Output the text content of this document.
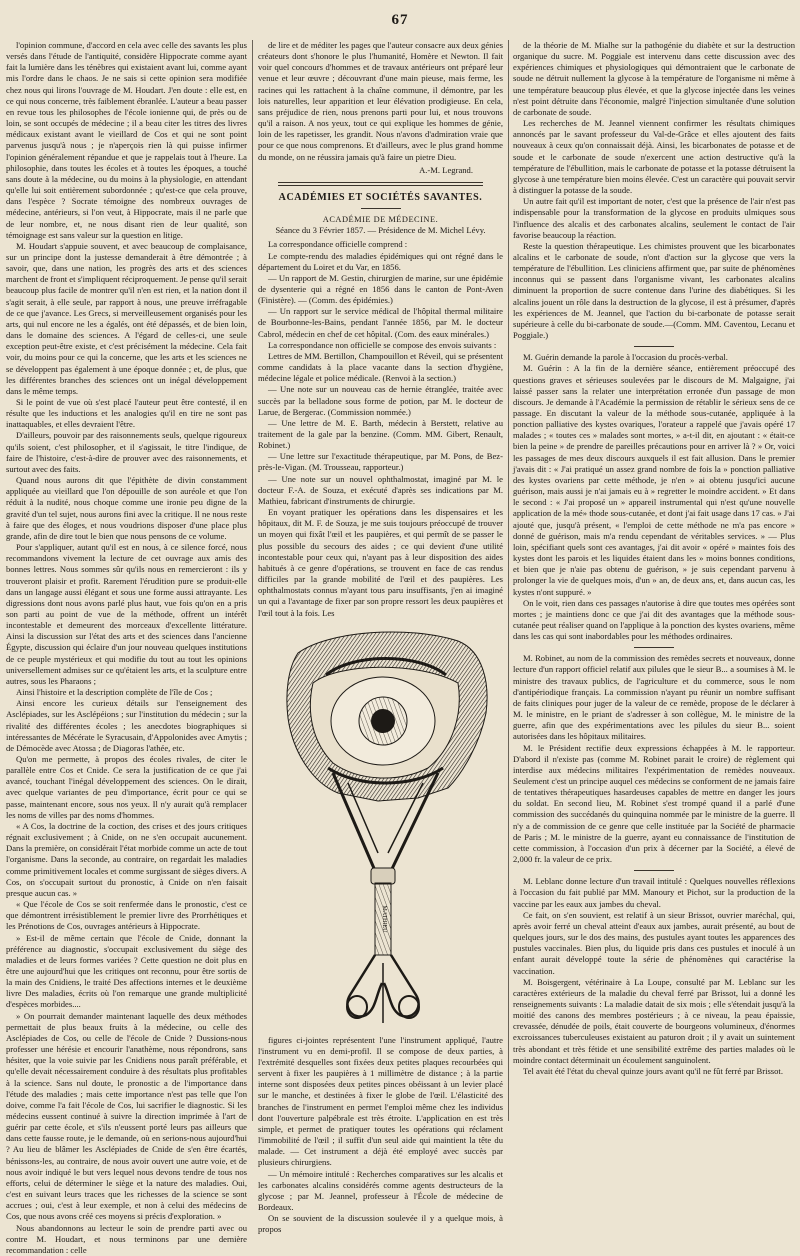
67

l'opinion commune, d'accord en cela avec celle des savants les plus versés dans l'étude de l'antiquité, considère Hippocrate comme ayant fait la lumière dans les ténèbres qui existaient avant lui, comme ayant mis l'ordre dans le chaos. Je ne sais si cette opinion sera modifiée chez nous qui lirons l'ouvrage de M. Houdart. J'en doute : elle est, en ce qui nous concerne, très faiblement ébranlée. L'auteur a beau passer en revue tous les philosophes de l'école ionienne qui, de près ou de loin, se sont occupés de médecine ; il a beau citer les titres des livres médicaux existant avant le vieillard de Cos et qui ne sont point parvenus jusqu'à nous ; je n'aperçois rien là qui puisse infirmer l'opinion généralement répandue et que je rappelais tout à l'heure. La philosophie, dans toutes les écoles et à toutes les époques, a touché sans doute à la médecine, ou du moins à la physiologie, en attendant qu'elle lui soit entièrement subordonnée ; qu'est-ce que cela prouve, dans l'espèce ? Socrate témoigne des nombreux ouvrages de médecine, antérieurs, si l'on veut, à Hippocrate, mais il ne parle que de leur nombre, et, ne nous disant rien de leur qualité, son témoignage est sans valeur sur la question en litige.

M. Houdart s'appuie souvent, et avec beaucoup de complaisance, sur un principe dont la justesse demanderait à être démontrée ; à savoir, que, dans une nation, les progrès des arts et des sciences marchent de front et s'impliquent réciproquement. Je pense qu'il serait beaucoup plus facile de montrer qu'il n'en est rien, et la nation dont il s'agit serait, à elle seule, par rapport à nous, une preuve irréfragable de ce que j'avance. Les Grecs, si merveilleusement organisés pour les arts, qui nul encore ne les a égalés, ont été dépassés, et de bien loin, dans le domaine des sciences. A l'égard de celles-ci, une seule exception peut-être existe, et c'est précisément la médecine. Cela fait voir, du moins pour ce qui la concerne, que les arts et les sciences ne se développent pas également à une époque donnée ; et, de plus, que les différentes branches des sciences ont un inégal développement dans le même temps.

Si le point de vue où s'est placé l'auteur peut être contesté, il en résulte que les inductions et les analogies qu'il en tire ne sont pas inattaquables, et elles devraient l'être.

D'ailleurs, pouvoir par des raisonnements seuls, quelque rigoureux qu'ils soient, c'est philosopher, et il s'agissait, le titre l'indique, de faire de l'histoire, c'est-à-dire de prouver avec des raisonnements, et surtout avec des faits.

Quand nous aurons dit que l'épithète de divin constamment appliquée au vieillard que l'on dépouille de son auréole et que l'on réduit à la nudité, nous choque comme une ironie peu digne de la gravité d'un tel sujet, nous aurons fini avec la critique. Il ne nous reste à faire que des éloges, et nous voudrions disposer d'une place plus grande, afin de dire tout le bien que nous pensons de ce volume.

Pour s'appliquer, autant qu'il est en nous, à ce silence forcé, nous recommandons vivement la lecture de cet ouvrage aux amis des bonnes lettres. Nous sommes sûr qu'ils nous en remercieront : ils y trouveront plaisir et profit. Rarement l'érudition pure se produit-elle dans un langage aussi élégant et sous une forme aussi attrayante. Les digressions dont nous avons parlé plus haut, vue fois qu'on en a pris son parti au point de vue de la méthode, offrent un intérêt incontestable et demeurent des morceaux d'excellente littérature. Ainsi la discussion sur l'état des arts et des sciences dans l'ancienne Égypte, discussion qui éclaire d'un jour nouveau quelques institutions de ce peuple mystérieux et qui modifie du tout au tout les opinions universellement admises sur ce qu'étaient les arts, et la sculpture entre autres, sous les Pharaons ;

Ainsi l'histoire et la description complète de l'île de Cos ;

Ainsi encore les curieux détails sur l'enseignement des Asclépiades, sur les Asclépéions ; sur l'institution du médecin ; sur la rivalité des différentes écoles ; les anecdotes biographiques si intéressantes de Mécérate le Syracusain, d'Appolonides avec Amytis ; de Démocède avec Atossa ; de Diagoras l'athée, etc.

Qu'on me permette, à propos des écoles rivales, de citer le parallèle entre Cos et Cnide. Ce sera la justification de ce que j'ai avancé, touchant l'inégal développement des sciences. On le dirait, avec quelque variantes de peu d'importance, écrit pour ce qui se passe, maintenant encore, sous nos yeux. Il n'y aurait qu'à remplacer les noms de villes par des noms d'hommes.

« A Cos, la doctrine de la coction, des crises et des jours critiques régnait exclusivement ; à Cnide, on ne s'en occupait aucunement. Dans la première, on considérait l'état morbide comme un acte de tout l'organisme. Dans la seconde, au contraire, on regardait les maladies comme primitivement locales et comme surgissant de sièges divers. A Cos, on s'occupait surtout du pronostic, à Cnide on n'en faisait presque aucun cas. »

« Que l'école de Cos se soit renfermée dans le pronostic, c'est ce que démontrent irrésistiblement le premier livre des Prorrhétiques et les Prénotions de Cos, ouvrages antérieurs à Hippocrate.

» Est-il de même certain que l'école de Cnide, donnant la préférence au diagnostic, s'occupait exclusivement du siège des maladies et de leurs formes variées ? Cette question ne doit plus en être une aujourd'hui que les critiques ont reconnu, pour être sortis de la main des Cnidiens, le traité Des affections internes et le deuxième livre Des maladies, écrits où l'on remarque une grande multiplicité d'espèces morbides....

» On pourrait demander maintenant laquelle des deux méthodes permettait de plus beaux fruits à la médecine, ou celle des Asclépiades de Cos, ou celle de l'école de Cnide ? Dussions-nous professer une hérésie et encourir l'anathème, nous répondrons, sans hésiter, que la voie suivie par les Cnidiens nous paraît préférable, et qu'elle devait nécessairement conduire à des résultats plus profitables à la science. Sans nul doute, le pronostic a de l'importance dans l'étude des maladies ; mais cette importance n'est pas telle que l'on doive, comme l'a fait l'école de Cos, lui sacrifier le diagnostic. Si les médecins eussent continué à suivre la direction imprimée à l'art de guérir par cette école, et s'ils n'eussent porté leurs pas ailleurs que dans cette fausse route, je le demande, où en serions-nous aujourd'hui ? Au lieu de blâmer les Asclépiades de Cnide de s'en être écartés, bénissons-les, au contraire, de nous avoir ouvert une autre voie, et de nous avoir indiqué le but vers lequel nous devons tendre de tous nos efforts, celui de déterminer le siège et la nature des maladies. Oui, c'est en suivant leurs traces que les richesses de la science se sont accrues ; oui, c'est à leur exemple, et non à celui des médecins de Cos, que nous avons créé ces moyens si précis d'exploration. »

Nous abandonnons au lecteur le soin de prendre parti avec ou contre M. Houdart, et nous terminons par une dernière recommandation : celle

de lire et de méditer les pages que l'auteur consacre aux deux génies créateurs dont s'honore le plus l'humanité, Homère et Newton. Il fait voir quel concours d'hommes et de travaux antérieurs ont préparé leur venue et leur œuvre ; découvrant d'une main pieuse, mais ferme, les racines qui les rattachent à la chaîne commune, il démontre, par les lois naturelles, leur apparition et leur élévation prodigieuse. En cela, sans préjudice de rien, nous prenons parti pour lui, et nous trouvons qu'il a raison. A nos yeux, tout ce qui explique les hommes de génie, loin de les rapetisser, les grandit. Nous n'avons d'admiration vraie que pour ce que nous comprenons. Et d'ailleurs, avec le plus grand homme du monde, on ne réussira jamais qu'à faire un pietre Dieu.

A.-M. Legrand.

ACADÉMIES ET SOCIÉTÉS SAVANTES.

ACADÉMIE DE MÉDECINE.

Séance du 3 Février 1857. — Présidence de M. Michel Lévy.

La correspondance officielle comprend :

Le compte-rendu des maladies épidémiques qui ont régné dans le département du Loiret et du Var, en 1856.

— Un rapport de M. Gestin, chirurgien de marine, sur une épidémie de dysenterie qui a régné en 1856 dans le canton de Pont-Aven (Finistère). — (Comm. des épidémies.)

— Un rapport sur le service médical de l'hôpital thermal militaire de Bourbonne-les-Bains, pendant l'année 1856, par M. le docteur Cabrol, médecin en chef de cet hôpital. (Com. des eaux minérales.)

La correspondance non officielle se compose des envois suivants :

Lettres de MM. Bertillon, Champouillon et Réveil, qui se présentent comme candidats à la place vacante dans la section d'hygiène, médecine légale et police médicale. (Renvoi à la section.)

— Une note sur un nouveau cas de hernie étranglée, traitée avec succès par la belladone sous forme de potion, par M. le docteur de Larue, de Bergerac. (Commission nommée.)

— Une lettre de M. E. Barth, médecin à Berstett, relative au traitement de la gale par la benzine. (Comm. MM. Gibert, Renault, Robinet.)

— Une lettre sur l'exactitude thérapeutique, par M. Pons, de Bez-près-le-Vigan. (M. Trousseau, rapporteur.)

— Une note sur un nouvel ophthalmostat, imaginé par M. le docteur F.-A. de Souza, et exécuté d'après ses indications par M. Mathieu, fabricant d'instruments de chirurgie.

En voyant pratiquer les opérations dans les dispensaires et les hôpitaux, dit M. F. de Souza, je me suis toujours préoccupé de trouver un moyen qui fixât l'œil et les paupières, et qui permît de se passer le plus possible du secours des aides ; ce qui devient d'une utilité incontestable pour ceux qui, n'ayant pas à leur disposition des aides habitués à ce genre d'opérations, se trouvent en face de cas rendus difficiles par la grande mobilité de l'œil et des paupières. Les ophthalmostats connus m'ayant tous paru insuffisants, j'en ai imaginé un qui a l'avantage de fixer par son propre ressort les deux paupières et l'œil tout à la fois. Les

MATHIEU

figures ci-jointes représentent l'une l'instrument appliqué, l'autre l'instrument vu en demi-profil. Il se compose de deux parties, à l'extrémité desquelles sont fixées deux petites plaques recourbées qui servent à fixer les paupières à 1 millimètre de distance ; à la partie interne sont disposées deux petites pinces obéissant à un levier placé sur le manche, et destinées à fixer le globe de l'œil. L'élasticité des branches de l'instrument en permet l'emploi même chez les individus dont l'ouverture palpébrale est très étroite. L'application en est très simple, et permet de pratiquer toutes les opérations qui réclament l'immobilité de l'œil ; il suffit d'un seul aide qui maintient la tête du malade. — Cet instrument a déjà été employé avec succès par plusieurs chirurgiens.

— Un mémoire intitulé : Recherches comparatives sur les alcalis et les carbonates alcalins considérés comme agents destructeurs de la glycose ; par M. Jeannel, professeur à l'École de médecine de Bordeaux.

On se souvient de la discussion soulevée il y a quelque mois, à propos

de la théorie de M. Mialhe sur la pathogénie du diabète et sur la destruction organique du sucre. M. Poggiale est intervenu dans cette discussion avec des expériences chimiques et physiologiques qui démontraient que le carbonate de soude ne détruit nullement la glycose à la température de l'organisme ni même à une température beaucoup plus élevée, et que la glycose injectée dans les veines n'est point détruite dans l'économie, malgré l'injection simultanée d'une solution de carbonate de soude.

Les recherches de M. Jeannel viennent confirmer les résultats chimiques annoncés par le savant professeur du Val-de-Grâce et elles ajoutent des faits nouveaux à ceux qu'on connaissait déjà. Ainsi, les bicarbonates de potasse et de soude et le carbonate de soude n'exercent une action destructive qu'à la température de l'ébullition, mais le carbonate de potasse et la potasse détruisent la glycose à une température bien moins élevée. C'est un caractère qui pouvait servir à distinguer la potasse de la soude.

Un autre fait qu'il est important de noter, c'est que la présence de l'air n'est pas indispensable pour la transformation de la glycose en produits ulmiques sous l'influence des alcalis et des carbonates alcalins, seulement le contact de l'air favorise beaucoup la réaction.

Reste la question thérapeutique. Les chimistes prouvent que les bicarbonates alcalins et le carbonate de soude, n'ont d'action sur la glycose que vers la température de l'ébullition. Les cliniciens affirment que, par suite de phénomènes inconnus qui se passent dans l'organisme vivant, les carbonates alcalins diminuent la proportion de sucre contenue dans l'urine des diabétiques. Si les alcalins jouent un rôle dans la destruction de la glycose, il est à présumer, d'après les expériences de M. Jeannel, que l'action du bi-carbonate de potasse serait supérieure à celle du bi-carbonate de soude.—(Comm. MM. Caventou, Lecanu et Poggiale.)

M. Guérin demande la parole à l'occasion du procès-verbal.

M. Guérin : A la fin de la dernière séance, entièrement préoccupé des questions graves et sérieuses soulevées par le discours de M. Malgaigne, j'ai laissé passer sans la relater une interprétation erronée d'un passage de mon discours. Je demande à l'Académie la permission de rétablir le sérieux sens de ce passage. En discutant la valeur de la méthode sous-cutanée, appliquée à la ponction palliative des kystes ovariques, l'orateur a rappelé que j'avais opéré 17 malades ; « toutes ces » malades sont mortes, » a-t-il dit, en ajoutant : « était-ce bien la peine » de prendre de pareilles précautions pour en arriver là ? » Or, voici les passages de mes deux discours auxquels il est fait allusion. Dans le premier j'avais dit : « J'ai pratiqué un assez grand nombre de fois la » ponction palliative des kystes ovariens par cette méthode, je n'en » ai obtenu jusqu'ici aucune guérison, mais aussi je n'ai jamais eu à » regretter le moindre accident. » Et dans le second : « J'ai proposé un » appareil instrumental qui n'est qu'une nouvelle application de la mé» thode sous-cutanée, et dont j'ai fait usage dans 17 cas. » J'ai ajouté que, jusqu'à présent, « l'emploi de cette méthode ne m'a pas encore » donné de guérison, mais m'a rendu cependant de véritables services. » — Plus loin, spécifiant quels sont ces avantages, j'ai dit avoir « opéré » maintes fois des kystes dont les parois et les liquides étaient dans les » moins bonnes conditions, et bien que je n'aie pas obtenu de guérison, » je suis cependant parvenu à prolonger la vie de quelques mois, d'un » an, de deux ans, et, dans aucun cas, les kystes n'ont suppuré. »

On le voit, rien dans ces passages n'autorise à dire que toutes mes opérées sont mortes ; je maintiens donc ce que j'ai dit des avantages que la méthode sous-cutanée peut réaliser quand on l'applique à la ponction des kystes ovariens, même dans les cas qui sont inabordables pour les méthodes ordinaires.

M. Robinet, au nom de la commission des remèdes secrets et nouveaux, donne lecture d'un rapport officiel relatif aux pilules que le sieur B... a soumises à M. le ministre des travaux publics, de l'agriculture et du commerce, sous le nom d'antipériodique français. La commission n'ayant pu réunir un nombre suffisant de faits cliniques pour juger de la valeur de ce remède, propose de le déclarer à M. le ministre, en le priant de s'adresser à son collègue, M. le ministre de la guerre, afin que des expérimentations avec les pilules du sieur B... soient autorisées dans les hôpitaux militaires.

M. le Président rectifie deux expressions échappées à M. le rapporteur. D'abord il n'existe pas (comme M. Robinet parait le croire) de règlement qui interdise aux médecins militaires l'expérimentation de remèdes nouveaux. Seulement c'est un principe auquel ces médecins se conforment de ne jamais faire de tentatives thérapeutiques hasardeuses capables de mettre en danger les jours du soldat. En second lieu, M. Robinet s'est trompé quand il a parlé d'une commission des succédanés du quinquina nommée par le ministre de la guerre. Il n'y a de commission de ce genre que celle instituée par la Société de pharmacie de Paris ; M. le ministre de la guerre, ayant eu connaissance de l'institution de cette commission, à l'occasion d'un prix à décerner par la Société, a élevé de 2,000 fr. la valeur de ce prix.

M. Leblanc donne lecture d'un travail intitulé : Quelques nouvelles réflexions à l'occasion du fait publié par MM. Manoury et Pichot, sur la production de la vaccine par les eaux aux jambes du cheval.

Ce fait, on s'en souvient, est relatif à un sieur Brissot, ouvrier maréchal, qui, après avoir ferré un cheval atteint d'eaux aux jambes, aurait présenté, au bout de quelques jours, sur le dos des mains, des pustules ayant toutes les apparences des pustules vaccinales. Bien plus, du liquide pris dans ces pustules et inoculé à un enfant aurait développé toute la série de phénomènes qui caractérise la vaccination.

M. Boisgergent, vétérinaire à La Loupe, consulté par M. Leblanc sur les caractères extérieurs de la maladie du cheval ferré par Brissot, lui a donné les renseignements suivants : La maladie datait de six mois ; elle s'étendait jusqu'à la moitié des canons des membres postérieurs ; à ce niveau, la peau épaissie, crevassée, dénudée de poils, était couverte de bourgeons volumineux, d'énormes excroissances tuberculeuses existaient au paturon droit ; il y avait un suintement très abondant et très fétide et une sensibilité extrême des parties malades où le moindre contact déterminait un écoulement sanguinolent.

Tel avait été l'état du cheval quinze jours avant qu'il ne fût ferré par Brissot.
